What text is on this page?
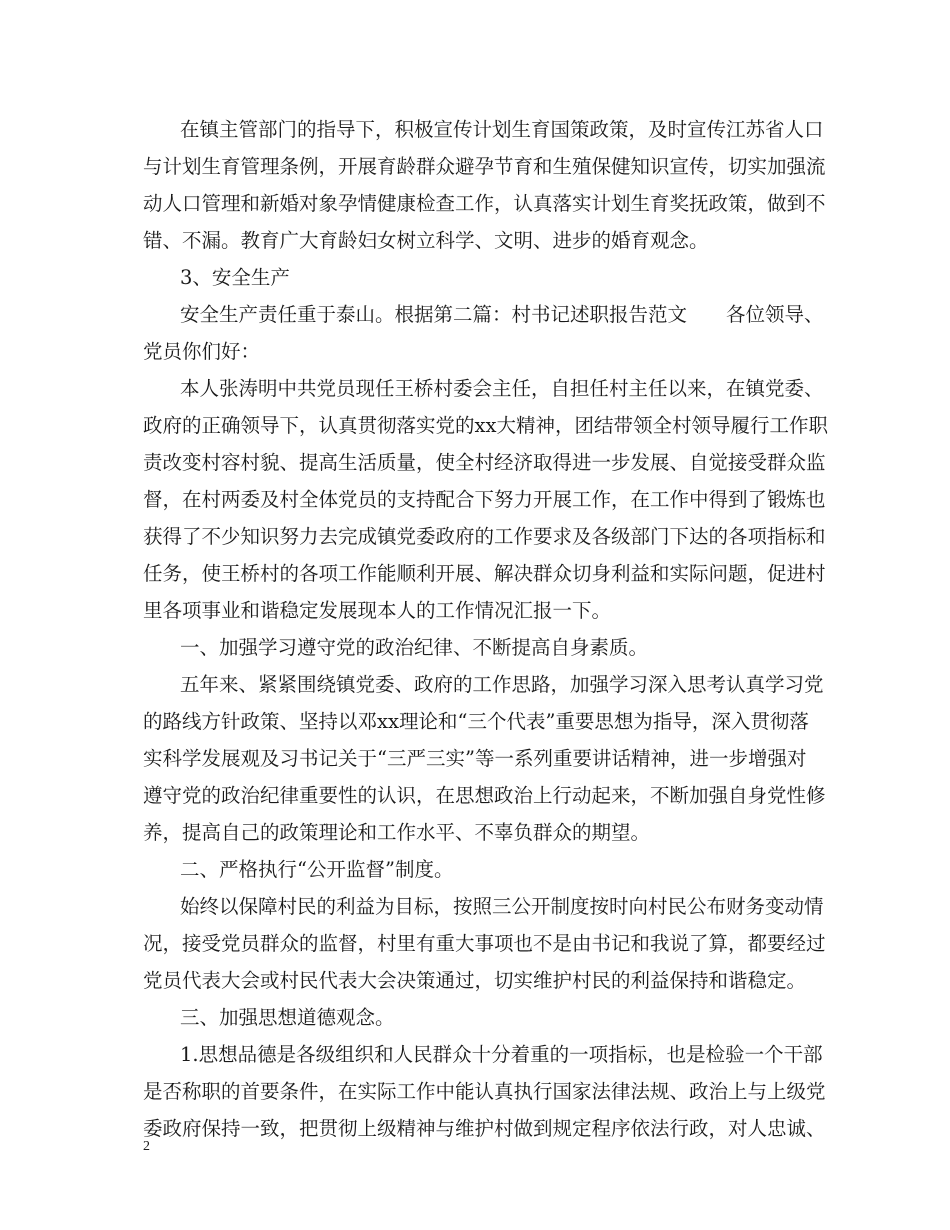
在镇主管部门的指导下，积极宣传计划生育国策政策，及时宣传江苏省人口
与计划生育管理条例，开展育龄群众避孕节育和生殖保健知识宣传，切实加强流
动人口管理和新婚对象孕情健康检查工作，认真落实计划生育奖抚政策，做到不
错、不漏。教育广大育龄妇女树立科学、文明、进步的婚育观念。
3、安全生产
安全生产责任重于泰山。根据第二篇：村书记述职报告范文　　各位领导、
党员你们好：
本人张涛明中共党员现任王桥村委会主任，自担任村主任以来，在镇党委、
政府的正确领导下，认真贯彻落实党的xx大精神，团结带领全村领导履行工作职
责改变村容村貌、提高生活质量，使全村经济取得进一步发展、自觉接受群众监
督，在村两委及村全体党员的支持配合下努力开展工作，在工作中得到了锻炼也
获得了不少知识努力去完成镇党委政府的工作要求及各级部门下达的各项指标和
任务，使王桥村的各项工作能顺利开展、解决群众切身利益和实际问题，促进村
里各项事业和谐稳定发展现本人的工作情况汇报一下。
一、加强学习遵守党的政治纪律、不断提高自身素质。
五年来、紧紧围绕镇党委、政府的工作思路，加强学习深入思考认真学习党
的路线方针政策、坚持以邓xx理论和“三个代表”重要思想为指导，深入贯彻落
实科学发展观及习书记关于“三严三实”等一系列重要讲话精神，进一步增强对
遵守党的政治纪律重要性的认识，在思想政治上行动起来，不断加强自身党性修
养，提高自己的政策理论和工作水平、不辜负群众的期望。
二、严格执行“公开监督”制度。
始终以保障村民的利益为目标，按照三公开制度按时向村民公布财务变动情
况，接受党员群众的监督，村里有重大事项也不是由书记和我说了算，都要经过
党员代表大会或村民代表大会决策通过，切实维护村民的利益保持和谐稳定。
三、加强思想道德观念。
1.思想品德是各级组织和人民群众十分着重的一项指标，也是检验一个干部
是否称职的首要条件，在实际工作中能认真执行国家法律法规、政治上与上级党
委政府保持一致，把贯彻上级精神与维护村做到规定程序依法行政，对人忠诚、
2
